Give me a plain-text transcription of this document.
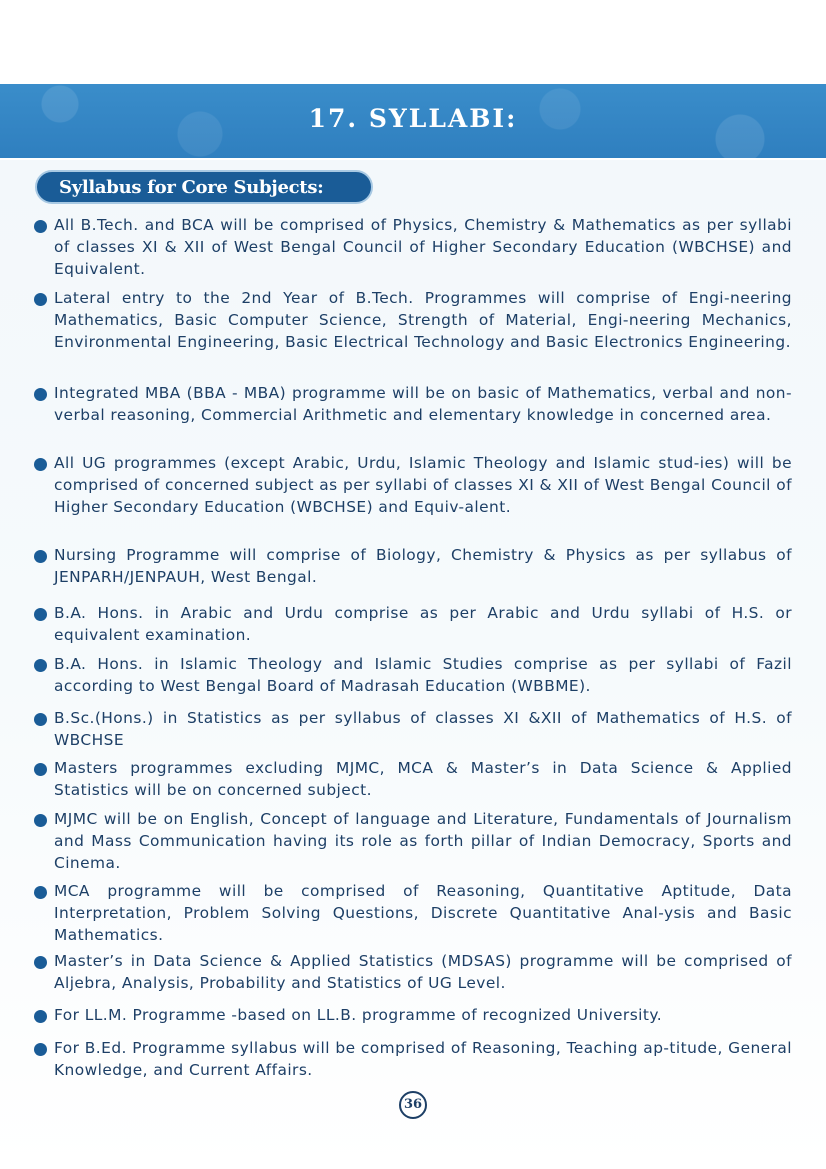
17. SYLLABI:
Syllabus for Core Subjects:
All B.Tech. and BCA will be comprised of Physics, Chemistry & Mathematics as per syllabi of classes XI & XII of West Bengal Council of Higher Secondary Education (WBCHSE) and Equivalent.
Lateral entry to the 2nd Year of B.Tech. Programmes will comprise of Engi-neering Mathematics, Basic Computer Science, Strength of Material, Engi-neering Mechanics, Environmental Engineering, Basic Electrical Technology and Basic Electronics Engineering.
Integrated MBA (BBA - MBA) programme will be on basic of Mathematics, verbal and non-verbal reasoning, Commercial Arithmetic and elementary knowledge in concerned area.
All UG programmes (except Arabic, Urdu, Islamic Theology and Islamic stud-ies) will be comprised of concerned subject as per syllabi of classes XI & XII of West Bengal Council of Higher Secondary Education (WBCHSE) and Equiv-alent.
Nursing Programme will comprise of Biology, Chemistry & Physics as per syllabus of JENPARH/JENPAUH, West Bengal.
B.A. Hons. in Arabic and Urdu comprise as per Arabic and Urdu syllabi of H.S. or equivalent examination.
B.A. Hons. in Islamic Theology and Islamic Studies comprise as per syllabi of Fazil according to West Bengal Board of Madrasah Education (WBBME).
B.Sc.(Hons.) in Statistics as per syllabus of classes XI &XII of Mathematics of H.S. of WBCHSE
Masters programmes excluding MJMC, MCA & Master’s in Data Science & Applied Statistics will be on concerned subject.
MJMC will be on English, Concept of language and Literature, Fundamentals of Journalism and Mass Communication having its role as forth pillar of Indian Democracy, Sports and Cinema.
MCA programme will be comprised of Reasoning, Quantitative Aptitude, Data Interpretation, Problem Solving Questions, Discrete Quantitative Anal-ysis and Basic Mathematics.
Master’s in Data Science & Applied Statistics (MDSAS) programme will be comprised of Aljebra, Analysis, Probability and Statistics of UG Level.
For LL.M. Programme -based on LL.B. programme of recognized University.
For B.Ed. Programme syllabus will be comprised of Reasoning, Teaching ap-titude, General Knowledge, and Current Affairs.
36
